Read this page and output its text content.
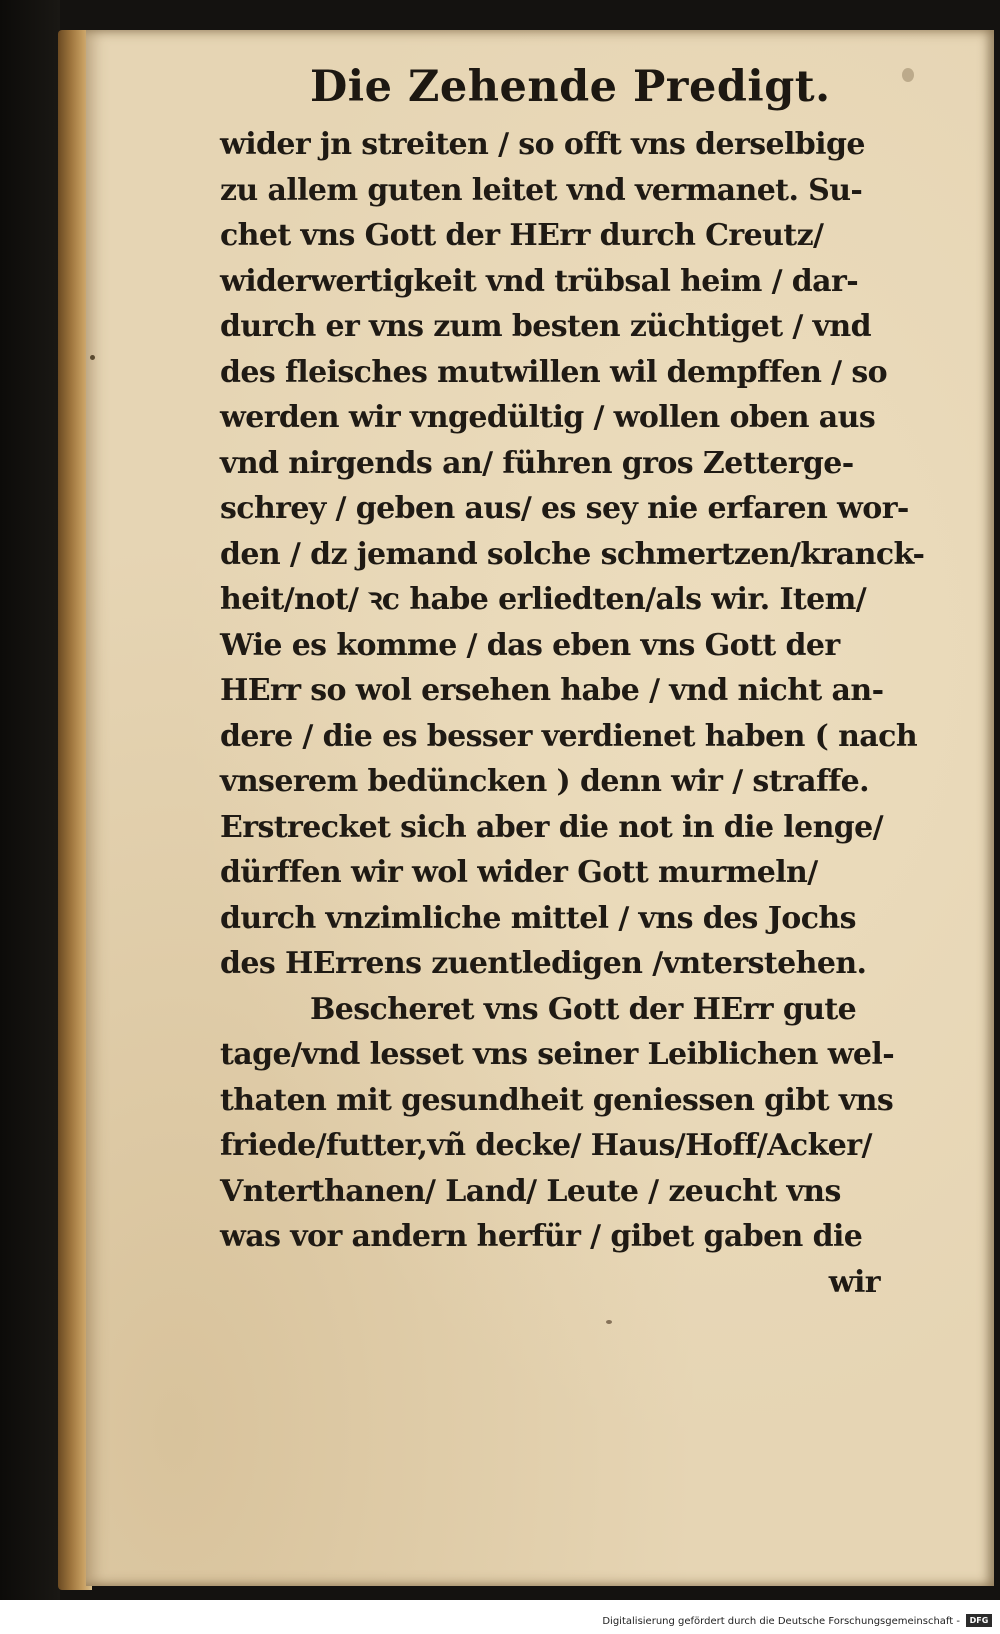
Die Zehende Predigt.
wider jn streiten / so offt vns derselbige
zu allem guten leitet vnd vermanet. Su-
chet vns Gott der HErr durch Creutz/
widerwertigkeit vnd trübsal heim / dar-
durch er vns zum besten züchtiget / vnd
des fleisches mutwillen wil dempffen / so
werden wir vngedültig / wollen oben aus
vnd nirgends an/ führen gros Zetterge-
schrey / geben aus/ es sey nie erfaren wor-
den / dz jemand solche schmertzen/kranck-
heit/not/ ꝛc habe erliedten/als wir. Item/
Wie es komme / das eben vns Gott der
HErr so wol ersehen habe / vnd nicht an-
dere / die es besser verdienet haben ( nach
vnserem bedüncken ) denn wir / straffe.
Erstrecket sich aber die not in die lenge/
dürffen wir wol wider Gott murmeln/
durch vnzimliche mittel / vns des Jochs
des HErrens zuentledigen /vnterstehen.
Bescheret vns Gott der HErr gute
tage/vnd lesset vns seiner Leiblichen wel-
thaten mit gesundheit geniessen gibt vns
friede/futter,vñ decke/ Haus/Hoff/Acker/
Vnterthanen/ Land/ Leute / zeucht vns
was vor andern herfür / gibet gaben die
wir
Digitalisierung gefördert durch die Deutsche Forschungsgemeinschaft -	DFG
